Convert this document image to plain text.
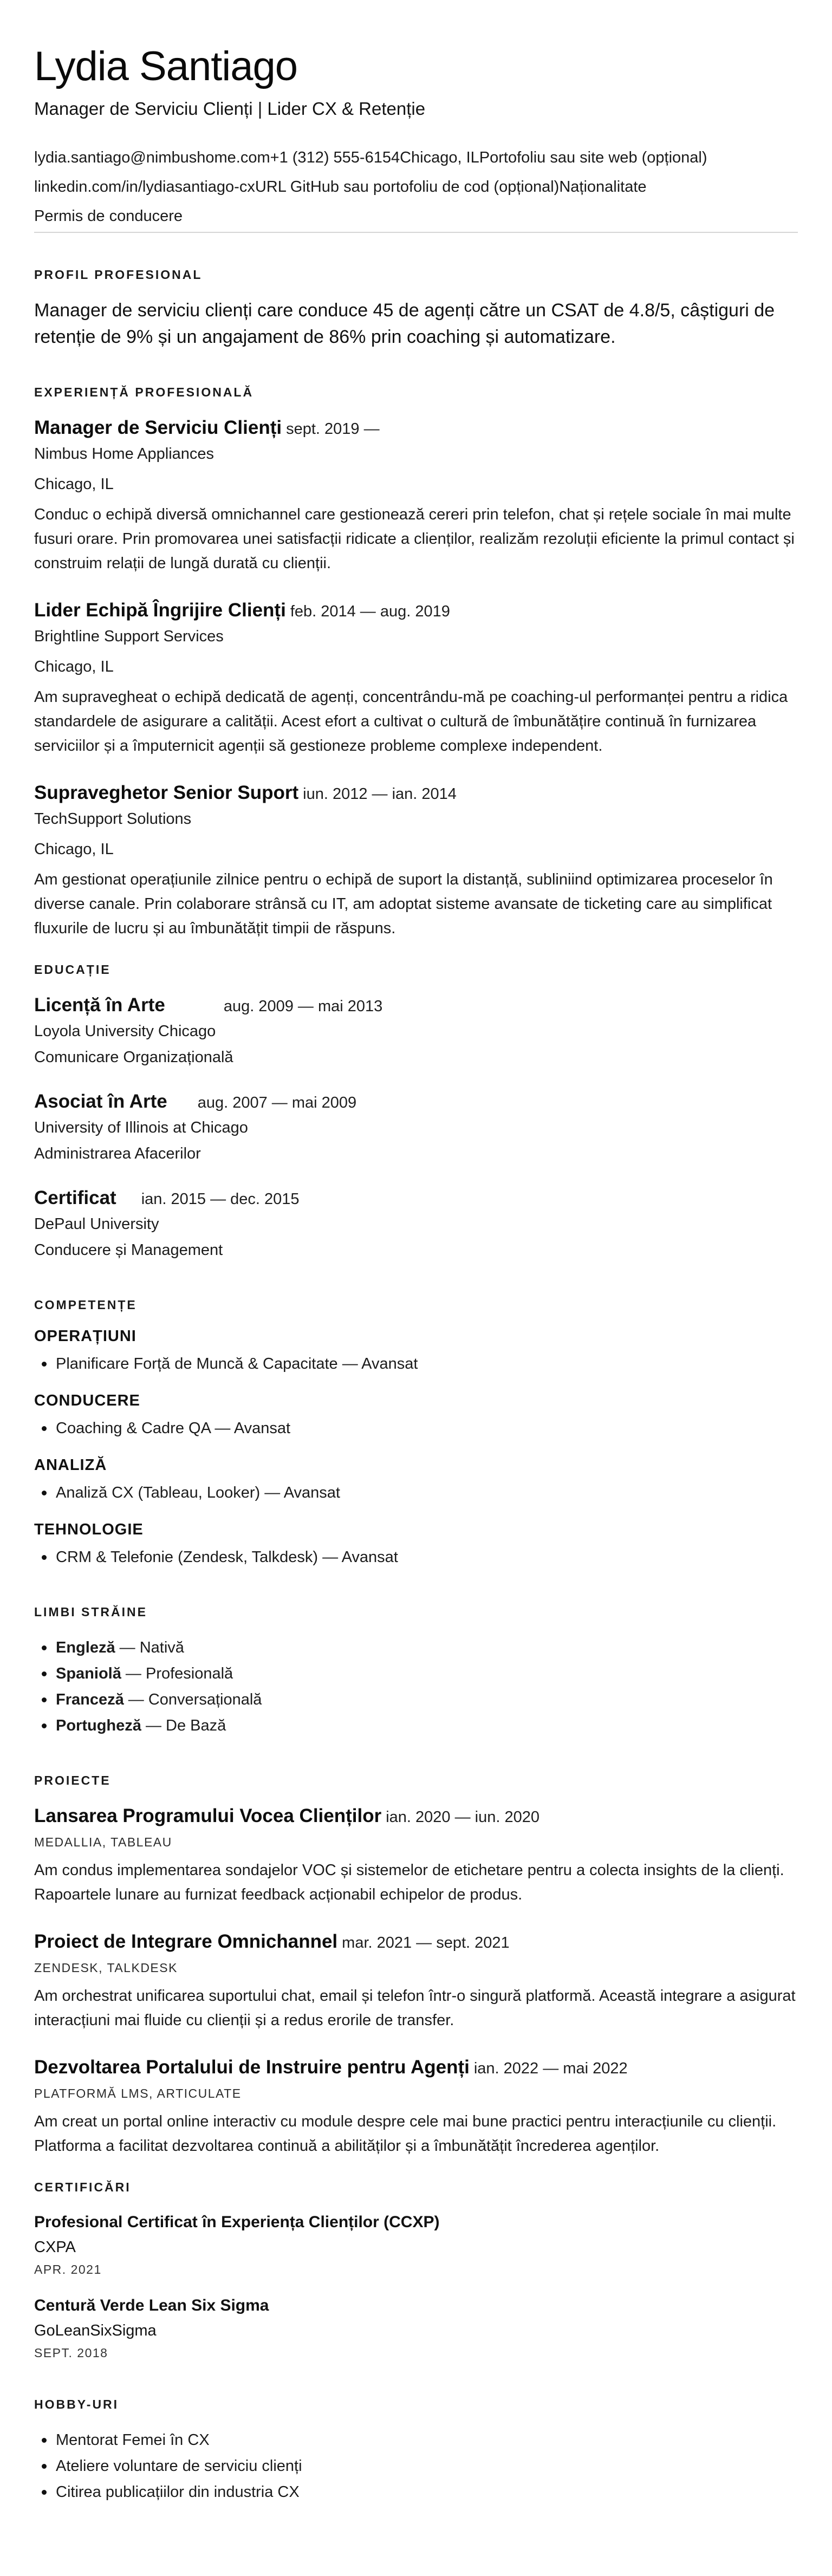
Lydia Santiago
Manager de Serviciu Clienți | Lider CX & Retenție
lydia.santiago@nimbushome.com+1 (312) 555-6154Chicago, ILPortofoliu sau site web (opțional)
linkedin.com/in/lydiasantiago-cxURL GitHub sau portofoliu de cod (opțional)Naționalitate
Permis de conducere
PROFIL PROFESIONAL

Manager de serviciu clienți care conduce 45 de agenți către un CSAT de 4.8/5, câștiguri de retenție de 9% și un angajament de 86% prin coaching și automatizare.

EXPERIENȚĂ PROFESIONALĂ
Manager de Serviciu Clienți sept. 2019 —
Nimbus Home Appliances
Chicago, IL

Conduc o echipă diversă omnichannel care gestionează cereri prin telefon, chat și rețele sociale în mai multe fusuri orare. Prin promovarea unei satisfacții ridicate a clienților, realizăm rezoluții eficiente la primul contact și construim relații de lungă durată cu clienții.

Lider Echipă Îngrijire Clienți feb. 2014 — aug. 2019
Brightline Support Services
Chicago, IL

Am supravegheat o echipă dedicată de agenți, concentrându-mă pe coaching-ul performanței pentru a ridica standardele de asigurare a calității. Acest efort a cultivat o cultură de îmbunătățire continuă în furnizarea serviciilor și a împuternicit agenții să gestioneze probleme complexe independent.

Supraveghetor Senior Suport iun. 2012 — ian. 2014
TechSupport Solutions
Chicago, IL

Am gestionat operațiunile zilnice pentru o echipă de suport la distanță, subliniind optimizarea proceselor în diverse canale. Prin colaborare strânsă cu IT, am adoptat sisteme avansate de ticketing care au simplificat fluxurile de lucru și au îmbunătățit timpii de răspuns.

EDUCAȚIE
Licență în Arte	aug. 2009 — mai 2013
Loyola University Chicago
Comunicare Organizațională
Asociat în Arte aug. 2007 — mai 2009
University of Illinois at Chicago
Administrarea Afacerilor
Certificat ian. 2015 — dec. 2015
DePaul University
Conducere și Management
COMPETENȚE
OPERAȚIUNI
Planificare Forță de Muncă & Capacitate — Avansat
CONDUCERE
Coaching & Cadre QA — Avansat
ANALIZĂ
Analiză CX (Tableau, Looker) — Avansat
TEHNOLOGIE
CRM & Telefonie (Zendesk, Talkdesk) — Avansat
LIMBI STRĂINE
Engleză — Nativă
Spaniolă — Profesională
Franceză — Conversațională
Portugheză — De Bază
PROIECTE
Lansarea Programului Vocea Clienților ian. 2020 — iun. 2020
MEDALLIA, TABLEAU

Am condus implementarea sondajelor VOC și sistemelor de etichetare pentru a colecta insights de la clienți. Rapoartele lunare au furnizat feedback acționabil echipelor de produs.

Proiect de Integrare Omnichannel mar. 2021 — sept. 2021
ZENDESK, TALKDESK

Am orchestrat unificarea suportului chat, email și telefon într-o singură platformă. Această integrare a asigurat interacțiuni mai fluide cu clienții și a redus erorile de transfer.

Dezvoltarea Portalului de Instruire pentru Agenți ian. 2022 — mai 2022
PLATFORMĂ LMS, ARTICULATE

Am creat un portal online interactiv cu module despre cele mai bune practici pentru interacțiunile cu clienții. Platforma a facilitat dezvoltarea continuă a abilităților și a îmbunătățit încrederea agenților.

CERTIFICĂRI
Profesional Certificat în Experiența Clienților (CCXP)
CXPA
APR. 2021
Centură Verde Lean Six Sigma
GoLeanSixSigma
SEPT. 2018
HOBBY-URI
Mentorat Femei în CX
Ateliere voluntare de serviciu clienți
Citirea publicațiilor din industria CX
